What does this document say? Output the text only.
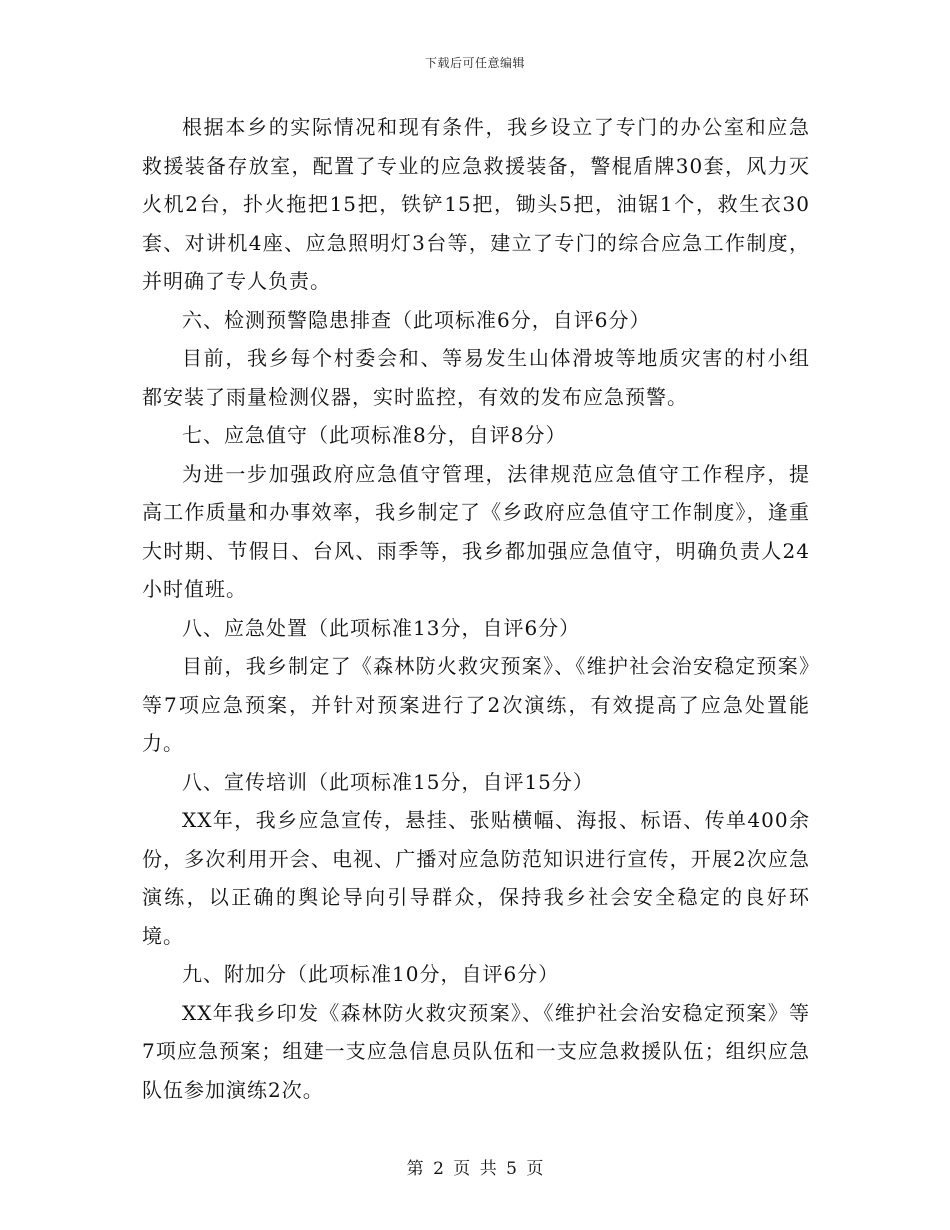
下载后可任意编辑

根据本乡的实际情况和现有条件，我乡设立了专门的办公室和应急救援装备存放室，配置了专业的应急救援装备，警棍盾牌30套，风力灭火机2台，扑火拖把15把，铁铲15把，锄头5把，油锯1个，救生衣30套、对讲机4座、应急照明灯3台等，建立了专门的综合应急工作制度，并明确了专人负责。

六、检测预警隐患排查（此项标准6分，自评6分）

目前，我乡每个村委会和、等易发生山体滑坡等地质灾害的村小组都安装了雨量检测仪器，实时监控，有效的发布应急预警。

七、应急值守（此项标准8分，自评8分）

为进一步加强政府应急值守管理，法律规范应急值守工作程序，提高工作质量和办事效率，我乡制定了《乡政府应急值守工作制度》，逢重大时期、节假日、台风、雨季等，我乡都加强应急值守，明确负责人24小时值班。

八、应急处置（此项标准13分，自评6分）

目前，我乡制定了《森林防火救灾预案》、《维护社会治安稳定预案》等7项应急预案，并针对预案进行了2次演练，有效提高了应急处置能力。

八、宣传培训（此项标准15分，自评15分）

XX年，我乡应急宣传，悬挂、张贴横幅、海报、标语、传单400余份，多次利用开会、电视、广播对应急防范知识进行宣传，开展2次应急演练，以正确的舆论导向引导群众，保持我乡社会安全稳定的良好环境。

九、附加分（此项标准10分，自评6分）

XX年我乡印发《森林防火救灾预案》、《维护社会治安稳定预案》等7项应急预案；组建一支应急信息员队伍和一支应急救援队伍；组织应急队伍参加演练2次。

第 2 页 共 5 页
